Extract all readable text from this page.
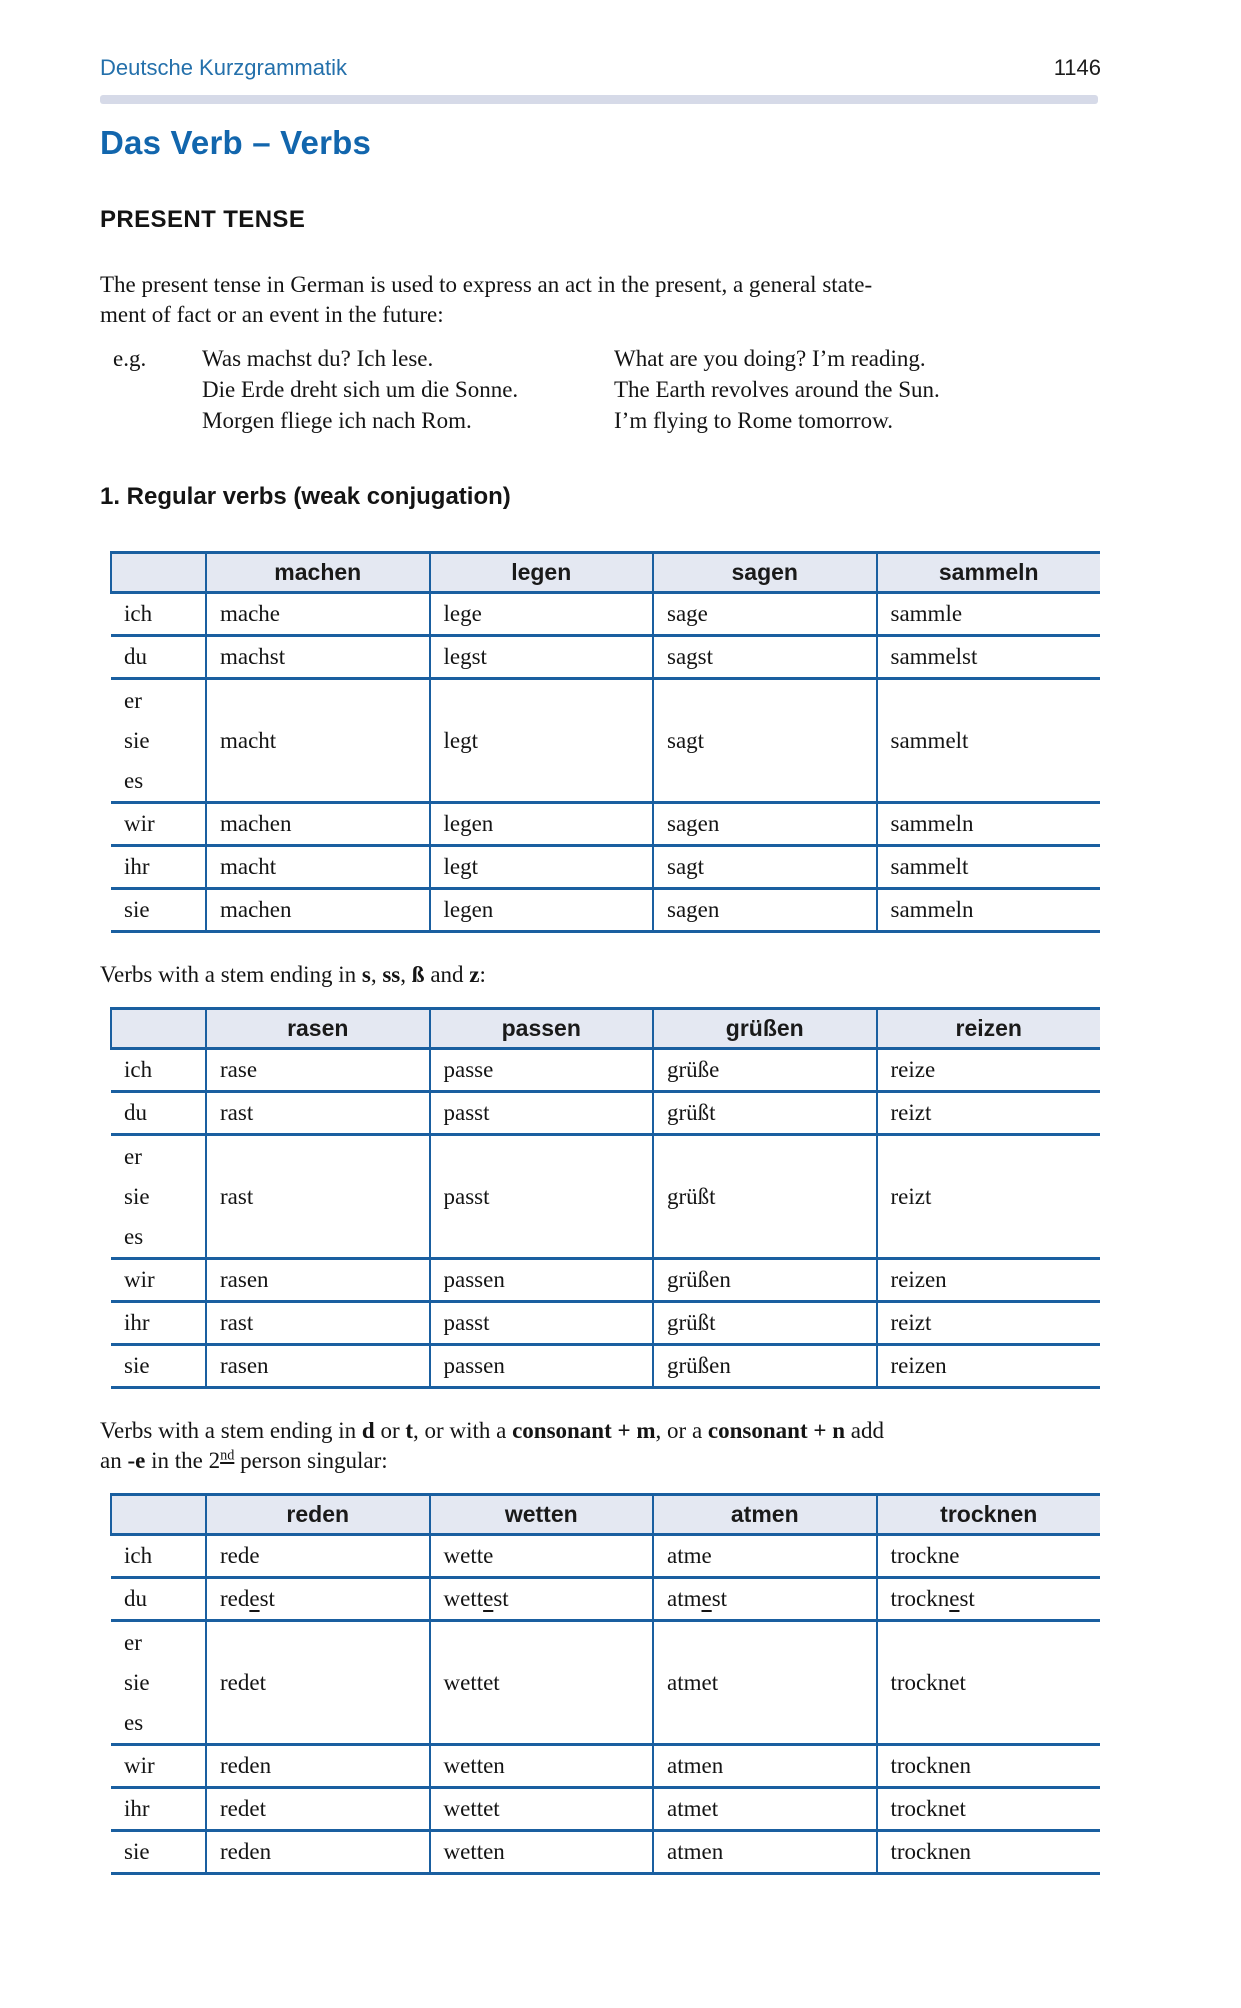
Deutsche Kurzgrammatik	1146
Das Verb – Verbs
PRESENT TENSE

The present tense in German is used to express an act in the present, a general state-
ment of fact or an event in the future:

e.g.	Was machst du? Ich lese.	What are you doing? I’m reading.
Die Erde dreht sich um die Sonne.	The Earth revolves around the Sun.
Morgen fliege ich nach Rom.	I’m flying to Rome tomorrow.
1. Regular verbs (weak conjugation)
	machen	legen	sagen	sammeln
ich	mache	lege	sage	sammle
du	machst	legst	sagst	sammelst

er
sie
es	macht	legt	sagt	sammelt
wir	machen	legen	sagen	sammeln
ihr	macht	legt	sagt	sammelt
sie	machen	legen	sagen	sammeln

Verbs with a stem ending in s, ss, ß and z:

	rasen	passen	grüßen	reizen
ich	rase	passe	grüße	reize
du	rast	passt	grüßt	reizt

er
sie
es	rast	passt	grüßt	reizt
wir	rasen	passen	grüßen	reizen
ihr	rast	passt	grüßt	reizt
sie	rasen	passen	grüßen	reizen

Verbs with a stem ending in d or t, or with a consonant + m, or a consonant + n add
an -e in the 2nd person singular:

	reden	wetten	atmen	trocknen
ich	rede	wette	atme	trockne
du	redest	wettest	atmest	trocknest

er
sie
es	redet	wettet	atmet	trocknet
wir	reden	wetten	atmen	trocknen
ihr	redet	wettet	atmet	trocknet
sie	reden	wetten	atmen	trocknen
